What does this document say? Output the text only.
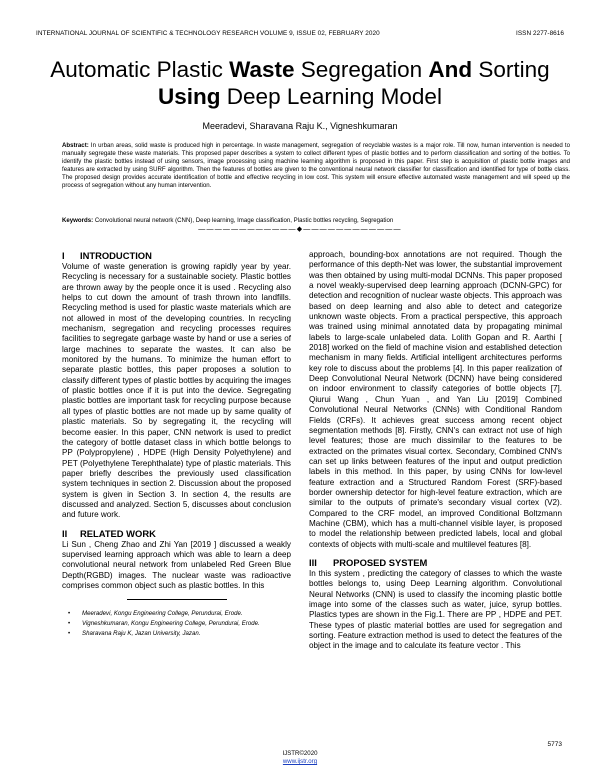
INTERNATIONAL JOURNAL OF SCIENTIFIC & TECHNOLOGY RESEARCH VOLUME 9, ISSUE 02, FEBRUARY 2020	ISSN 2277-8616
Automatic Plastic Waste Segregation And Sorting
Using Deep Learning Model
Meeradevi, Sharavana Raju K., Vigneshkumaran

Abstract: In urban areas, solid waste is produced high in percentage. In waste management, segregation of recyclable wastes is a major role. Till now, human intervention is needed to manually segregate these waste materials. This proposed paper describes a system to collect different types of plastic bottles and to perform classification and sorting of the bottles. To identify the plastic bottles instead of using sensors, image processing using machine learning algorithm is proposed in this paper. First step is acquisition of plastic bottle images and features are extracted by using SURF algorithm. Then the features of bottles are given to the conventional neural network classifier for classification and identified for type of bottle class. The proposed design provides accurate identification of bottle and effective recycling in low cost. This system will ensure effective automated waste management and will speed up the process of segregation without any human intervention.

Keywords: Convolutional neural network (CNN), Deep learning, Image classification, Plastic bottles recycling, Segregation

————————————◆————————————
I INTRODUCTION

Volume of waste generation is growing rapidly year by year. Recycling is necessary for a sustainable society. Plastic bottles are thrown away by the people once it is used . Recycling also helps to cut down the amount of trash thrown into landfills. Recycling method is used for plastic waste materials which are not allowed in most of the developing countries. In recycling mechanism, segregation and recycling processes requires facilities to segregate garbage waste by hand or use a series of large machines to separate the wastes. It can also be monitored by the humans. To minimize the human effort to separate plastic bottles, this paper proposes a solution to classify different types of plastic bottles by acquiring the images of plastic bottles once if it is put into the device. Segregating plastic bottles are important task for recycling purpose because all types of plastic bottles are not made up by same quality of plastic materials. So by segregating it, the recycling will become easier. In this paper, CNN network is used to predict the category of bottle dataset class in which bottle belongs to PP (Polypropylene) , HDPE (High Density Polyethylene) and PET (Polyethylene Terephthalate) type of plastic materials. This paper briefly describes the previously used classification system techniques in section 2. Discussion about the proposed system is given in Section 3. In section 4, the results are discussed and analyzed. Section 5, discusses about conclusion and future work.

II RELATED WORK

Li Sun , Cheng Zhao and Zhi Yan [2019 ] discussed a weakly supervised learning approach which was able to learn a deep convolutional neural network from unlabeled Red Green Blue Depth(RGBD) images. The nuclear waste was radioactive comprises common object such as plastic bottles. In this

• Meeradevi, Kongu Engineering College, Perundurai, Erode.
• Vigneshkumaran, Kongu Engineering College, Perundurai, Erode.
• Sharavana Raju K, Jazan University, Jazan.

approach, bounding-box annotations are not required. Though the performance of this depth-Net was lower, the substantial improvement was then obtained by using multi-modal DCNNs. This paper proposed a novel weakly-supervised deep learning approach (DCNN-GPC) for detection and recognition of nuclear waste objects. This approach was based on deep learning and also able to detect and categorize unknown waste objects. From a practical perspective, this approach was trained using minimal annotated data by propagating minimal labels to large-scale unlabeled data. Lolith Gopan and R. Aarthi [ 2018] worked on the field of machine vision and established detection mechanism in many fields. Artificial intelligent architectures performs key role to discuss about the problems [4]. In this paper realization of Deep Convolutional Neural Network (DCNN) have being considered on indoor environment to classify categories of bottle objects [7]. Qiurui Wang , Chun Yuan , and Yan Liu [2019] Combined Convolutional Neural Networks (CNNs) with Conditional Random Fields (CRFs). It achieves great success among recent object segmentation methods [8]. Firstly, CNN's can extract not use of high level features; those are much dissimilar to the features to be extracted on the primates visual cortex. Secondary, Combined CNN's can set up links between features of the input and output prediction labels in this method. In this paper, by using CNNs for low-level feature extraction and a Structured Random Forest (SRF)-based border ownership detector for high-level feature extraction, which are similar to the outputs of primate's secondary visual cortex (V2). Compared to the CRF model, an improved Conditional Boltzmann Machine (CBM), which has a multi-channel visible layer, is proposed to model the relationship between predicted labels, local and global contexts of objects with multi-scale and multilevel features [8].

III PROPOSED SYSTEM

In this system , predicting the category of classes to which the waste bottles belongs to, using Deep Learning algorithm. Convolutional Neural Networks (CNN) is used to classify the incoming plastic bottle image into some of the classes such as water, juice, syrup bottles. Plastics types are shown in the Fig.1. There are PP , HDPE and PET. These types of plastic material bottles are used for segregation and sorting. Feature extraction method is used to detect the features of the object in the image and to calculate its feature vector . This

5773
IJSTR©2020
www.ijstr.org
